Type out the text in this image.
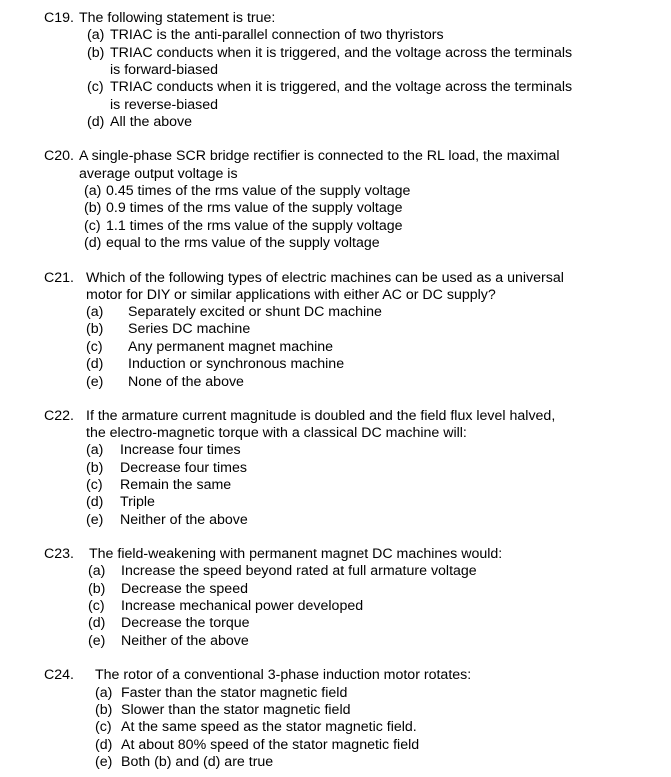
C19. The following statement is true:
(a) TRIAC is the anti-parallel connection of two thyristors
(b) TRIAC conducts when it is triggered, and the voltage across the terminals
is forward-biased
(c) TRIAC conducts when it is triggered, and the voltage across the terminals
is reverse-biased
(d) All the above
C20. A single-phase SCR bridge rectifier is connected to the RL load, the maximal
average output voltage is
(a) 0.45 times of the rms value of the supply voltage
(b) 0.9 times of the rms value of the supply voltage
(c) 1.1 times of the rms value of the supply voltage
(d) equal to the rms value of the supply voltage
C21. Which of the following types of electric machines can be used as a universal
motor for DIY or similar applications with either AC or DC supply?
(a) Separately excited or shunt DC machine
(b) Series DC machine
(c) Any permanent magnet machine
(d) Induction or synchronous machine
(e) None of the above
C22. If the armature current magnitude is doubled and the field flux level halved,
the electro-magnetic torque with a classical DC machine will:
(a) Increase four times
(b) Decrease four times
(c) Remain the same
(d) Triple
(e) Neither of the above
C23. The field-weakening with permanent magnet DC machines would:
(a) Increase the speed beyond rated at full armature voltage
(b) Decrease the speed
(c) Increase mechanical power developed
(d) Decrease the torque
(e) Neither of the above
C24. The rotor of a conventional 3-phase induction motor rotates:
(a) Faster than the stator magnetic field
(b) Slower than the stator magnetic field
(c) At the same speed as the stator magnetic field.
(d) At about 80% speed of the stator magnetic field
(e) Both (b) and (d) are true
